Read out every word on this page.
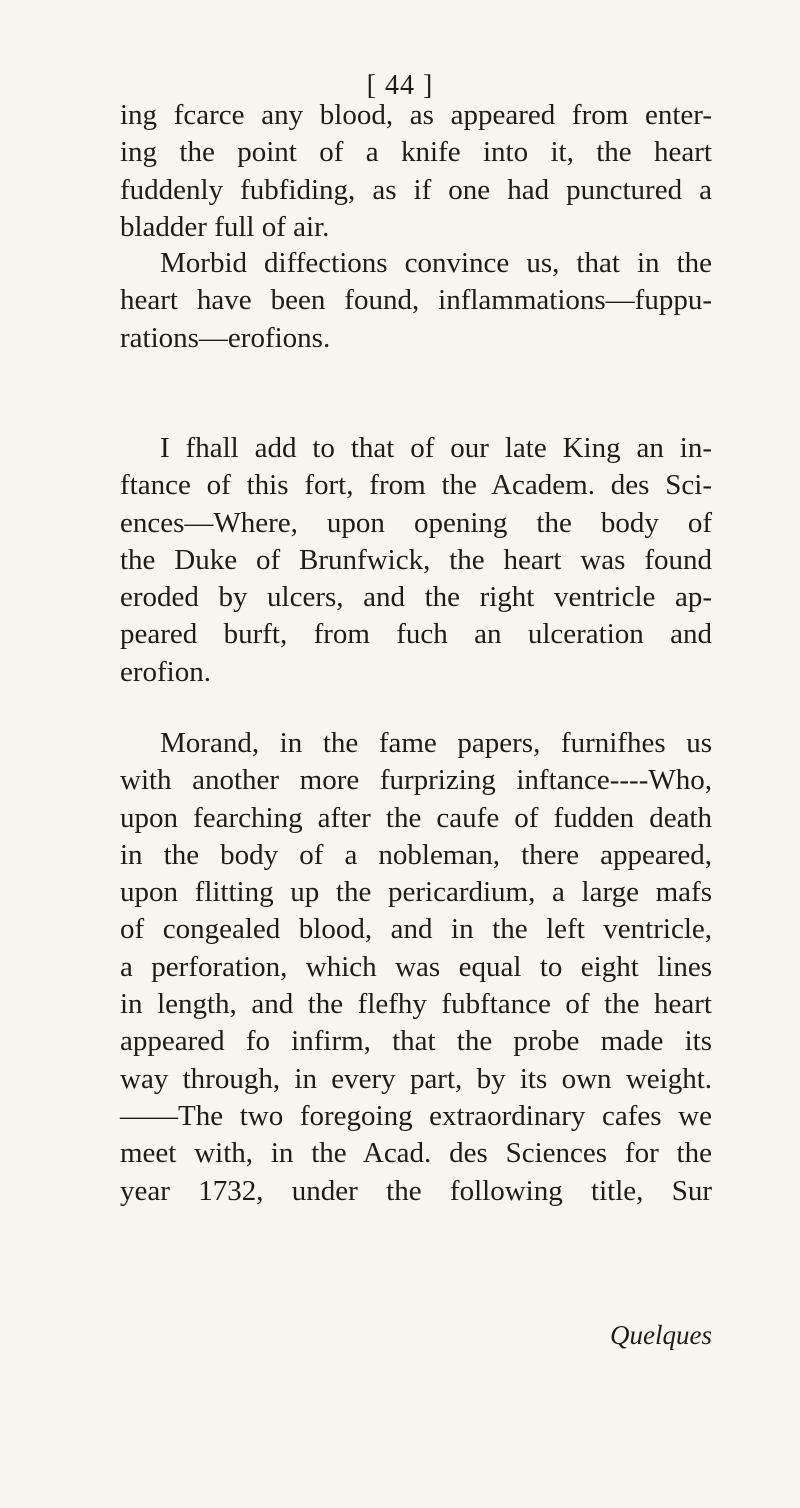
[ 44 ]
ing fcarce any blood, as appeared from enter-
ing the point of a knife into it, the heart
fuddenly fubfiding, as if one had punctured a
bladder full of air.
Morbid diffections convince us, that in the
heart have been found, inflammations—fuppu-
rations—erofions.
I fhall add to that of our late King an in-
ftance of this fort, from the Academ. des Sci-
ences—Where, upon opening the body of
the Duke of Brunfwick, the heart was found
eroded by ulcers, and the right ventricle ap-
peared burft, from fuch an ulceration and
erofion.
Morand, in the fame papers, furnifhes us
with another more furprizing inftance----Who,
upon fearching after the caufe of fudden death
in the body of a nobleman, there appeared,
upon flitting up the pericardium, a large mafs
of congealed blood, and in the left ventricle,
a perforation, which was equal to eight lines
in length, and the flefhy fubftance of the heart
appeared fo infirm, that the probe made its
way through, in every part, by its own weight.
——The two foregoing extraordinary cafes we
meet with, in the Acad. des Sciences for the
year 1732, under the following title, Sur
Quelques
